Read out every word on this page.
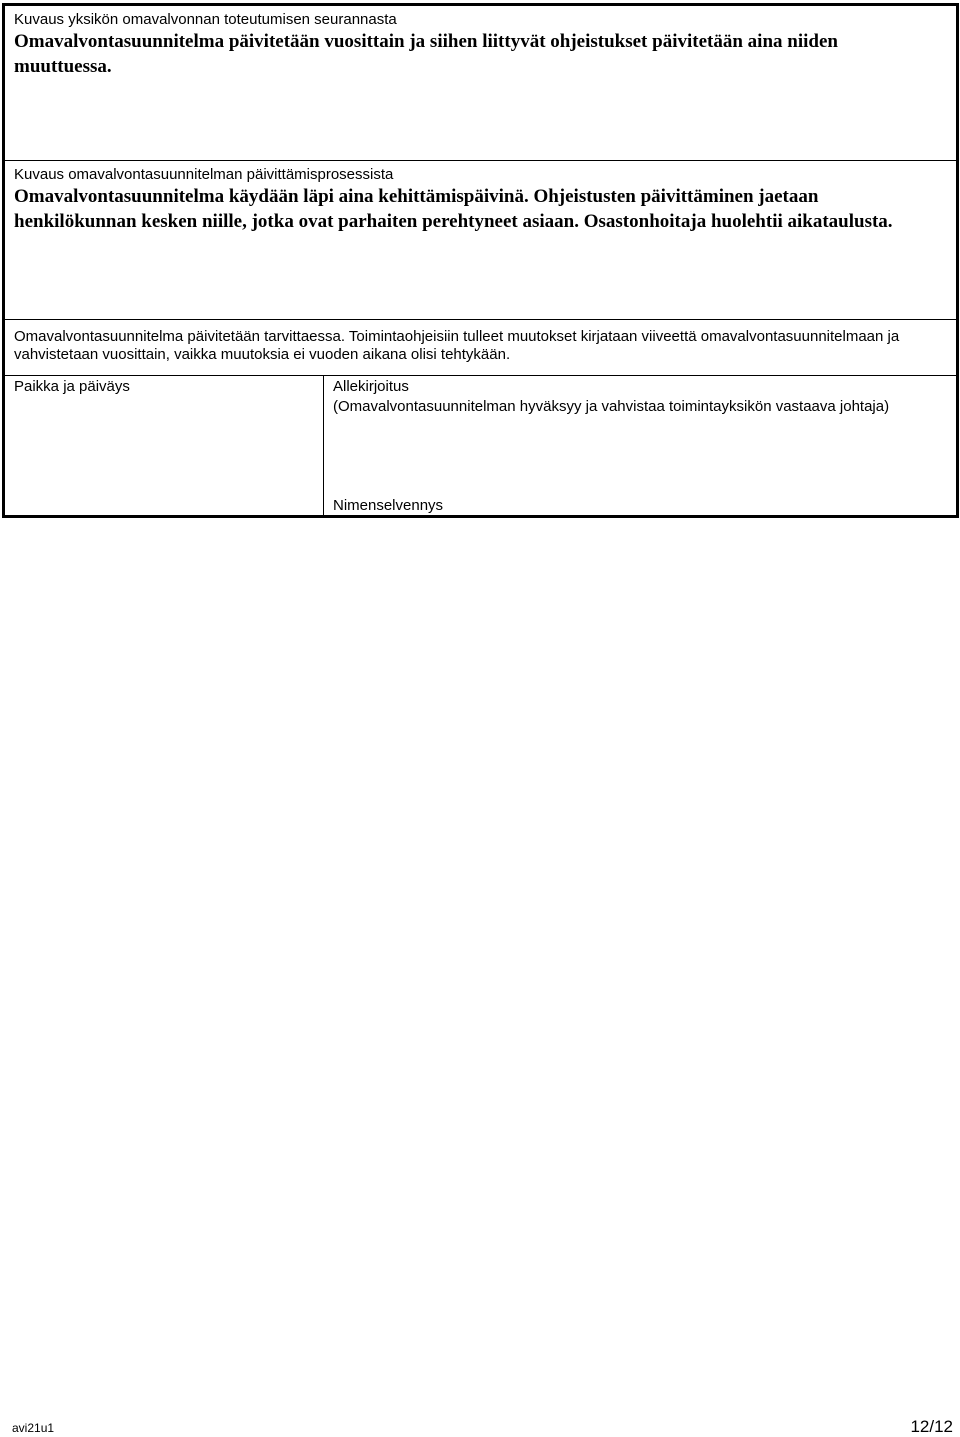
Kuvaus yksikön omavalvonnan toteutumisen seurannasta
Omavalvontasuunnitelma päivitetään vuosittain ja siihen liittyvät ohjeistukset päivitetään aina niiden muuttuessa.
Kuvaus omavalvontasuunnitelman päivittämisprosessista
Omavalvontasuunnitelma käydään läpi aina kehittämispäivinä. Ohjeistusten päivittäminen jaetaan henkilökunnan kesken niille, jotka ovat parhaiten perehtyneet asiaan. Osastonhoitaja huolehtii aikataulusta.
Omavalvontasuunnitelma päivitetään tarvittaessa. Toimintaohjeisiin tulleet muutokset kirjataan viiveettä omavalvontasuunnitelmaan ja vahvistetaan vuosittain, vaikka muutoksia ei vuoden aikana olisi tehtykään.
Paikka ja päiväys	Allekirjoitus
(Omavalvontasuunnitelman hyväksyy ja vahvistaa toimintayksikön vastaava johtaja)
Nimenselvennys
avi21u1	12/12
